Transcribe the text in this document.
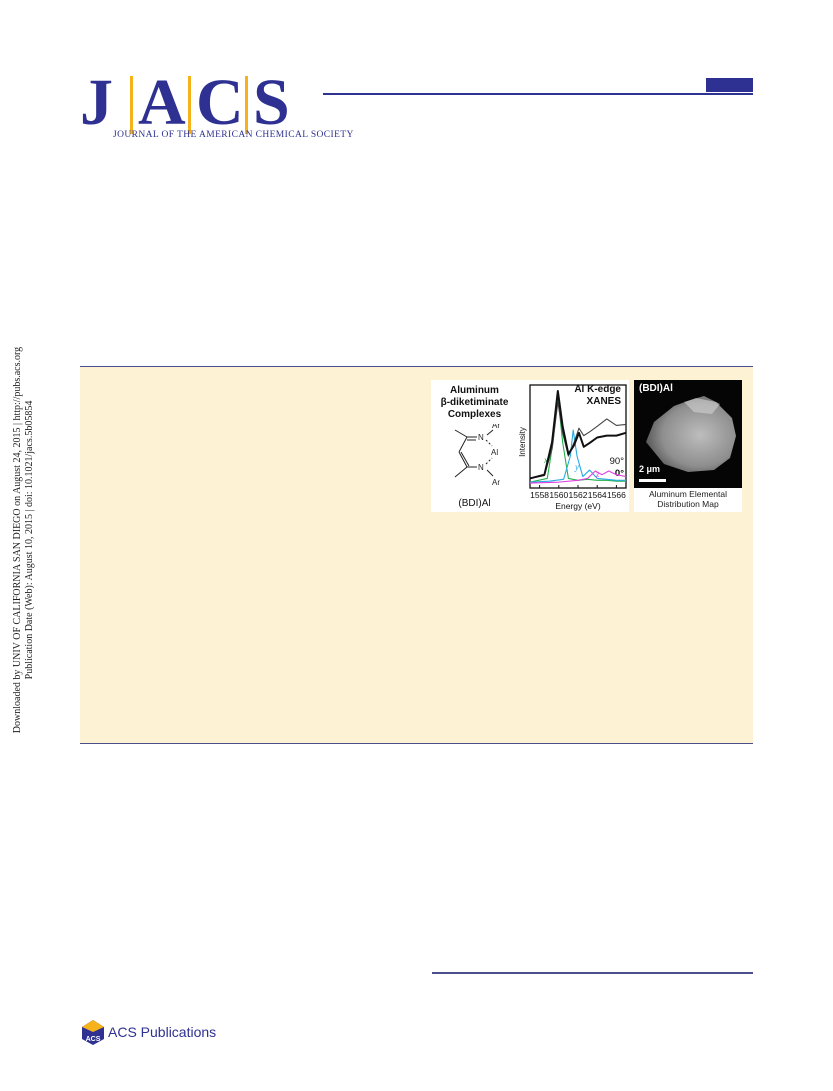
J A C S
JOURNAL OF THE AMERICAN CHEMICAL SOCIETY
Downloaded by UNIV OF CALIFORNIA SAN DIEGO on August 24, 2015 | http://pubs.acs.org Publication Date (Web): August 10, 2015 | doi: 10.1021/jacs.5b05854
Aluminum
β-diketiminate
Complexes
N
N
Al
Ar
Ar
(BDI)Al
Intensity
Energy (eV)
90°
0°
x
y
z
1558 1560 1562 1564 1566
Al K-edge
XANES
(BDI)Al
2 μm
Aluminum Elemental
Distribution Map
ACS ACS Publications
